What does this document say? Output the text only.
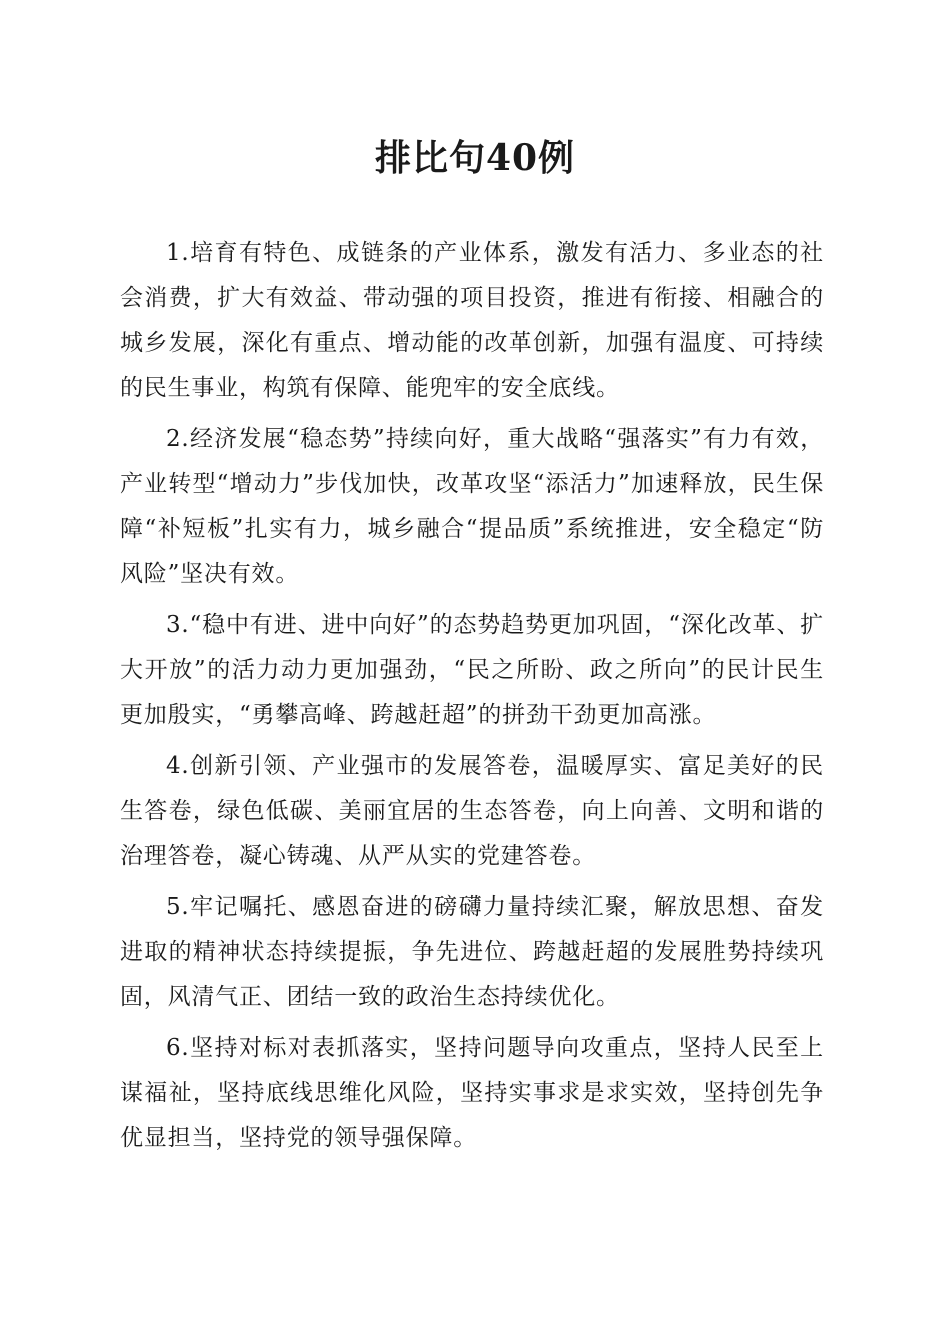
排比句40例

1.培育有特色、成链条的产业体系，激发有活力、多业态的社会消费，扩大有效益、带动强的项目投资，推进有衔接、相融合的城乡发展，深化有重点、增动能的改革创新，加强有温度、可持续的民生事业，构筑有保障、能兜牢的安全底线。

2.经济发展“稳态势”持续向好，重大战略“强落实”有力有效，产业转型“增动力”步伐加快，改革攻坚“添活力”加速释放，民生保障“补短板”扎实有力，城乡融合“提品质”系统推进，安全稳定“防风险”坚决有效。

3.“稳中有进、进中向好”的态势趋势更加巩固，“深化改革、扩大开放”的活力动力更加强劲，“民之所盼、政之所向”的民计民生更加殷实，“勇攀高峰、跨越赶超”的拼劲干劲更加高涨。

4.创新引领、产业强市的发展答卷，温暖厚实、富足美好的民生答卷，绿色低碳、美丽宜居的生态答卷，向上向善、文明和谐的治理答卷，凝心铸魂、从严从实的党建答卷。

5.牢记嘱托、感恩奋进的磅礴力量持续汇聚，解放思想、奋发进取的精神状态持续提振，争先进位、跨越赶超的发展胜势持续巩固，风清气正、团结一致的政治生态持续优化。

6.坚持对标对表抓落实，坚持问题导向攻重点，坚持人民至上谋福祉，坚持底线思维化风险，坚持实事求是求实效，坚持创先争优显担当，坚持党的领导强保障。
